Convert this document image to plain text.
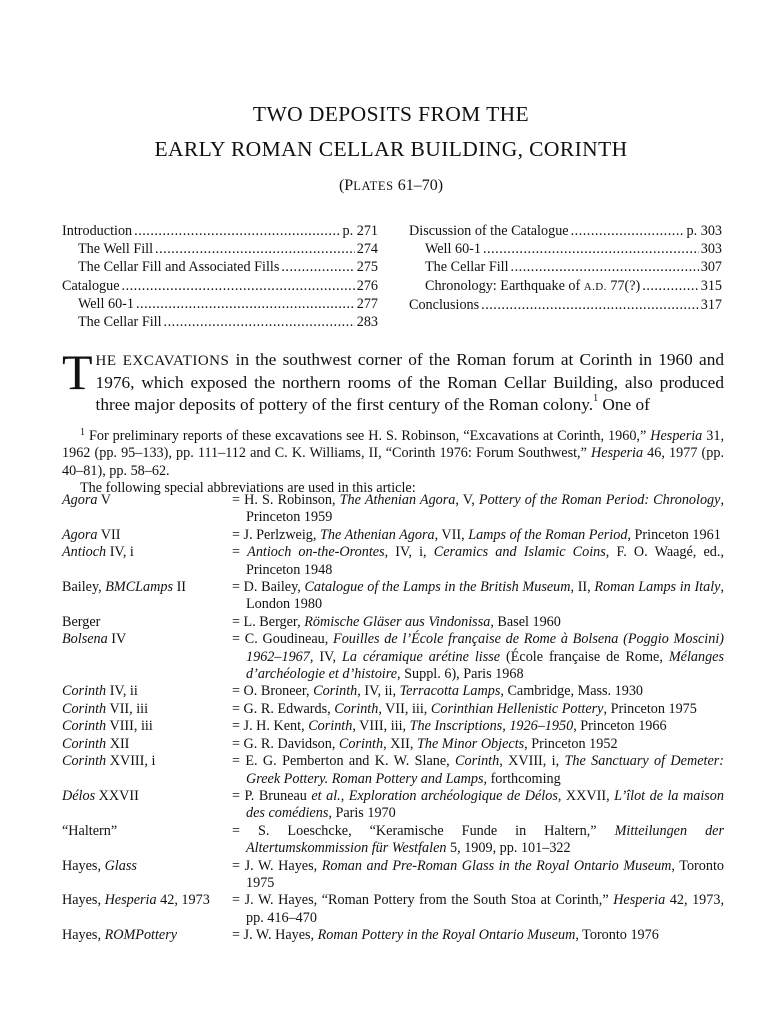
TWO DEPOSITS FROM THE
EARLY ROMAN CELLAR BUILDING, CORINTH
(PLATES 61–70)
Introduction .....	p. 271
The Well Fill .....	274
The Cellar Fill and Associated Fills .....	275
Catalogue .....	276
Well 60-1 .....	277
The Cellar Fill .....	283
Discussion of the Catalogue .....	p. 303
Well 60-1 .....	303
The Cellar Fill .....	307
Chronology: Earthquake of A.D. 77(?) .....	315
Conclusions .....	317
THE EXCAVATIONS in the southwest corner of the Roman forum at Corinth in 1960 and 1976, which exposed the northern rooms of the Roman Cellar Building, also produced three major deposits of pottery of the first century of the Roman colony.$^1$ One of

$^1$ For preliminary reports of these excavations see H. S. Robinson, “Excavations at Corinth, 1960,” Hesperia 31, 1962 (pp. 95–133), pp. 111–112 and C. K. Williams, II, “Corinth 1976: Forum Southwest,” Hesperia 46, 1977 (pp. 40–81), pp. 58–62.

The following special abbreviations are used in this article:

Agora V	= H. S. Robinson, The Athenian Agora, V, Pottery of the Roman Period: Chronology, Princeton 1959
Agora VII	= J. Perlzweig, The Athenian Agora, VII, Lamps of the Roman Period, Princeton 1961
Antioch IV, i	= Antioch on-the-Orontes, IV, i, Ceramics and Islamic Coins, F. O. Waagé, ed., Princeton 1948
Bailey, BMCLamps II	= D. Bailey, Catalogue of the Lamps in the British Museum, II, Roman Lamps in Italy, London 1980
Berger	= L. Berger, Römische Gläser aus Vindonissa, Basel 1960
Bolsena IV	= C. Goudineau, Fouilles de l’École française de Rome à Bolsena (Poggio Moscini) 1962–1967, IV, La céramique arétine lisse (École française de Rome, Mélanges d’archéologie et d’histoire, Suppl. 6), Paris 1968
Corinth IV, ii	= O. Broneer, Corinth, IV, ii, Terracotta Lamps, Cambridge, Mass. 1930
Corinth VII, iii	= G. R. Edwards, Corinth, VII, iii, Corinthian Hellenistic Pottery, Princeton 1975
Corinth VIII, iii	= J. H. Kent, Corinth, VIII, iii, The Inscriptions, 1926–1950, Princeton 1966
Corinth XII	= G. R. Davidson, Corinth, XII, The Minor Objects, Princeton 1952
Corinth XVIII, i	= E. G. Pemberton and K. W. Slane, Corinth, XVIII, i, The Sanctuary of Demeter: Greek Pottery. Roman Pottery and Lamps, forthcoming
Délos XXVII	= P. Bruneau et al., Exploration archéologique de Délos, XXVII, L’îlot de la maison des comédiens, Paris 1970
“Haltern”	= S. Loeschcke, “Keramische Funde in Haltern,” Mitteilungen der Altertumskommission für Westfalen 5, 1909, pp. 101–322
Hayes, Glass	= J. W. Hayes, Roman and Pre-Roman Glass in the Royal Ontario Museum, Toronto 1975
Hayes, Hesperia 42, 1973	= J. W. Hayes, “Roman Pottery from the South Stoa at Corinth,” Hesperia 42, 1973, pp. 416–470
Hayes, ROMPottery	= J. W. Hayes, Roman Pottery in the Royal Ontario Museum, Toronto 1976
